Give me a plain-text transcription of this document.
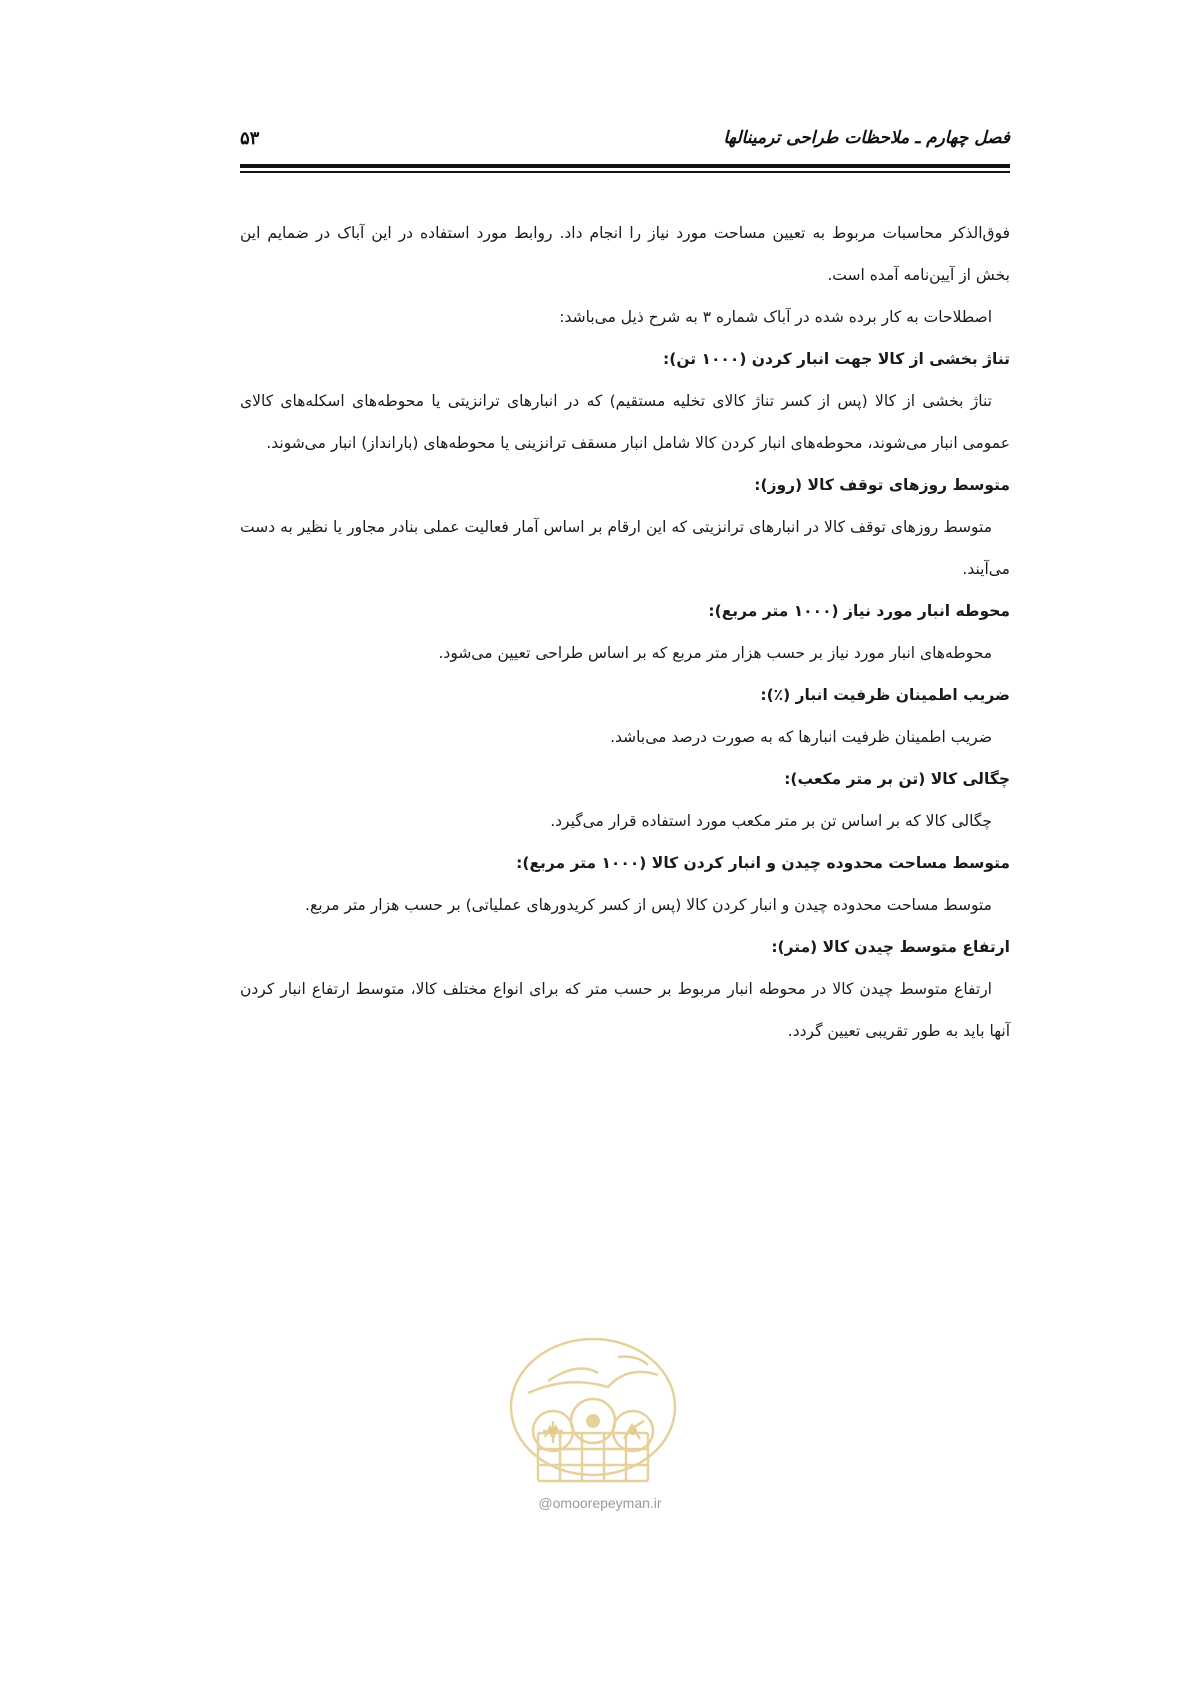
فصل چهارم ـ ملاحظات طراحی ترمینالها
۵۳

فوق‌الذکر محاسبات مربوط به تعیین مساحت مورد نیاز را انجام داد. روابط مورد استفاده در این آباک در ضمایم این بخش از آیین‌نامه آمده است.

اصطلاحات به کار برده شده در آباک شماره ۳ به شرح ذیل می‌باشد:

تناژ بخشی از کالا جهت انبار کردن (۱۰۰۰ تن):

تناژ بخشی از کالا (پس از کسر تناژ کالای تخلیه مستقیم) که در انبارهای ترانزیتی یا محوطه‌های اسکله‌های کالای عمومی انبار می‌شوند، محوطه‌های انبار کردن کالا شامل انبار مسقف ترانزینی یا محوطه‌های (بارانداز) انبار می‌شوند.

متوسط روزهای توقف کالا (روز):

متوسط روزهای توقف کالا در انبارهای ترانزیتی که این ارقام بر اساس آمار فعالیت عملی بنادر مجاور یا نظیر به دست می‌آیند.

محوطه انبار مورد نیاز (۱۰۰۰ متر مربع):

محوطه‌های انبار مورد نیاز بر حسب هزار متر مربع که بر اساس طراحی تعیین می‌شود.

ضریب اطمینان ظرفیت انبار (٪):

ضریب اطمینان ظرفیت انبارها که به صورت درصد می‌باشد.

چگالی کالا (تن بر متر مکعب):

چگالی کالا که بر اساس تن بر متر مکعب مورد استفاده قرار می‌گیرد.

متوسط مساحت محدوده چیدن و انبار کردن کالا (۱۰۰۰ متر مربع):

متوسط مساحت محدوده چیدن و انبار کردن کالا (پس از کسر کریدورهای عملیاتی) بر حسب هزار متر مربع.

ارتفاع متوسط چیدن کالا (متر):

ارتفاع متوسط چیدن کالا در محوطه انبار مربوط بر حسب متر که برای انواع مختلف کالا، متوسط ارتفاع انبار کردن آنها باید به طور تقریبی تعیین گردد.

@omoorepeyman.ir
